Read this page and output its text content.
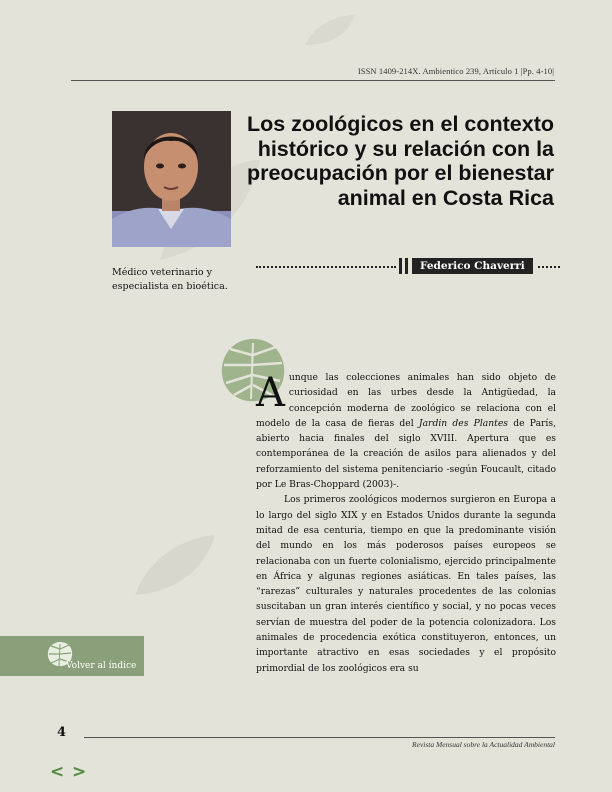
ISSN 1409-214X. Ambientico 239, Artículo 1 |Pp. 4-10|
Los zoológicos en el contexto histórico y su relación con la preocupación por el bienestar animal en Costa Rica
Federico Chaverri
Médico veterinario y especialista en bioética.

Aunque las colecciones animales han sido objeto de curiosidad en las urbes desde la Antigüedad, la concepción moderna de zoológico se relaciona con el modelo de la casa de fieras del Jardin des Plantes de París, abierto hacia finales del siglo XVIII. Apertura que es contemporánea de la creación de asilos para alienados y del reforzamiento del sistema penitenciario -según Foucault, citado por Le Bras-Choppard (2003)-.

Los primeros zoológicos modernos surgieron en Europa a lo largo del siglo XIX y en Estados Unidos durante la segunda mitad de esa centuria, tiempo en que la predominante visión del mundo en los más poderosos países europeos se relacionaba con un fuerte colonialismo, ejercido principalmente en África y algunas regiones asiáticas. En tales países, las “rarezas” culturales y naturales procedentes de las colonias suscitaban un gran interés científico y social, y no pocas veces servían de muestra del poder de la potencia colonizadora. Los animales de procedencia exótica constituyeron, entonces, un importante atractivo en esas sociedades y el propósito primordial de los zoológicos era su

Volver al índice
4
Revista Mensual sobre la Actualidad Ambiental
< >
